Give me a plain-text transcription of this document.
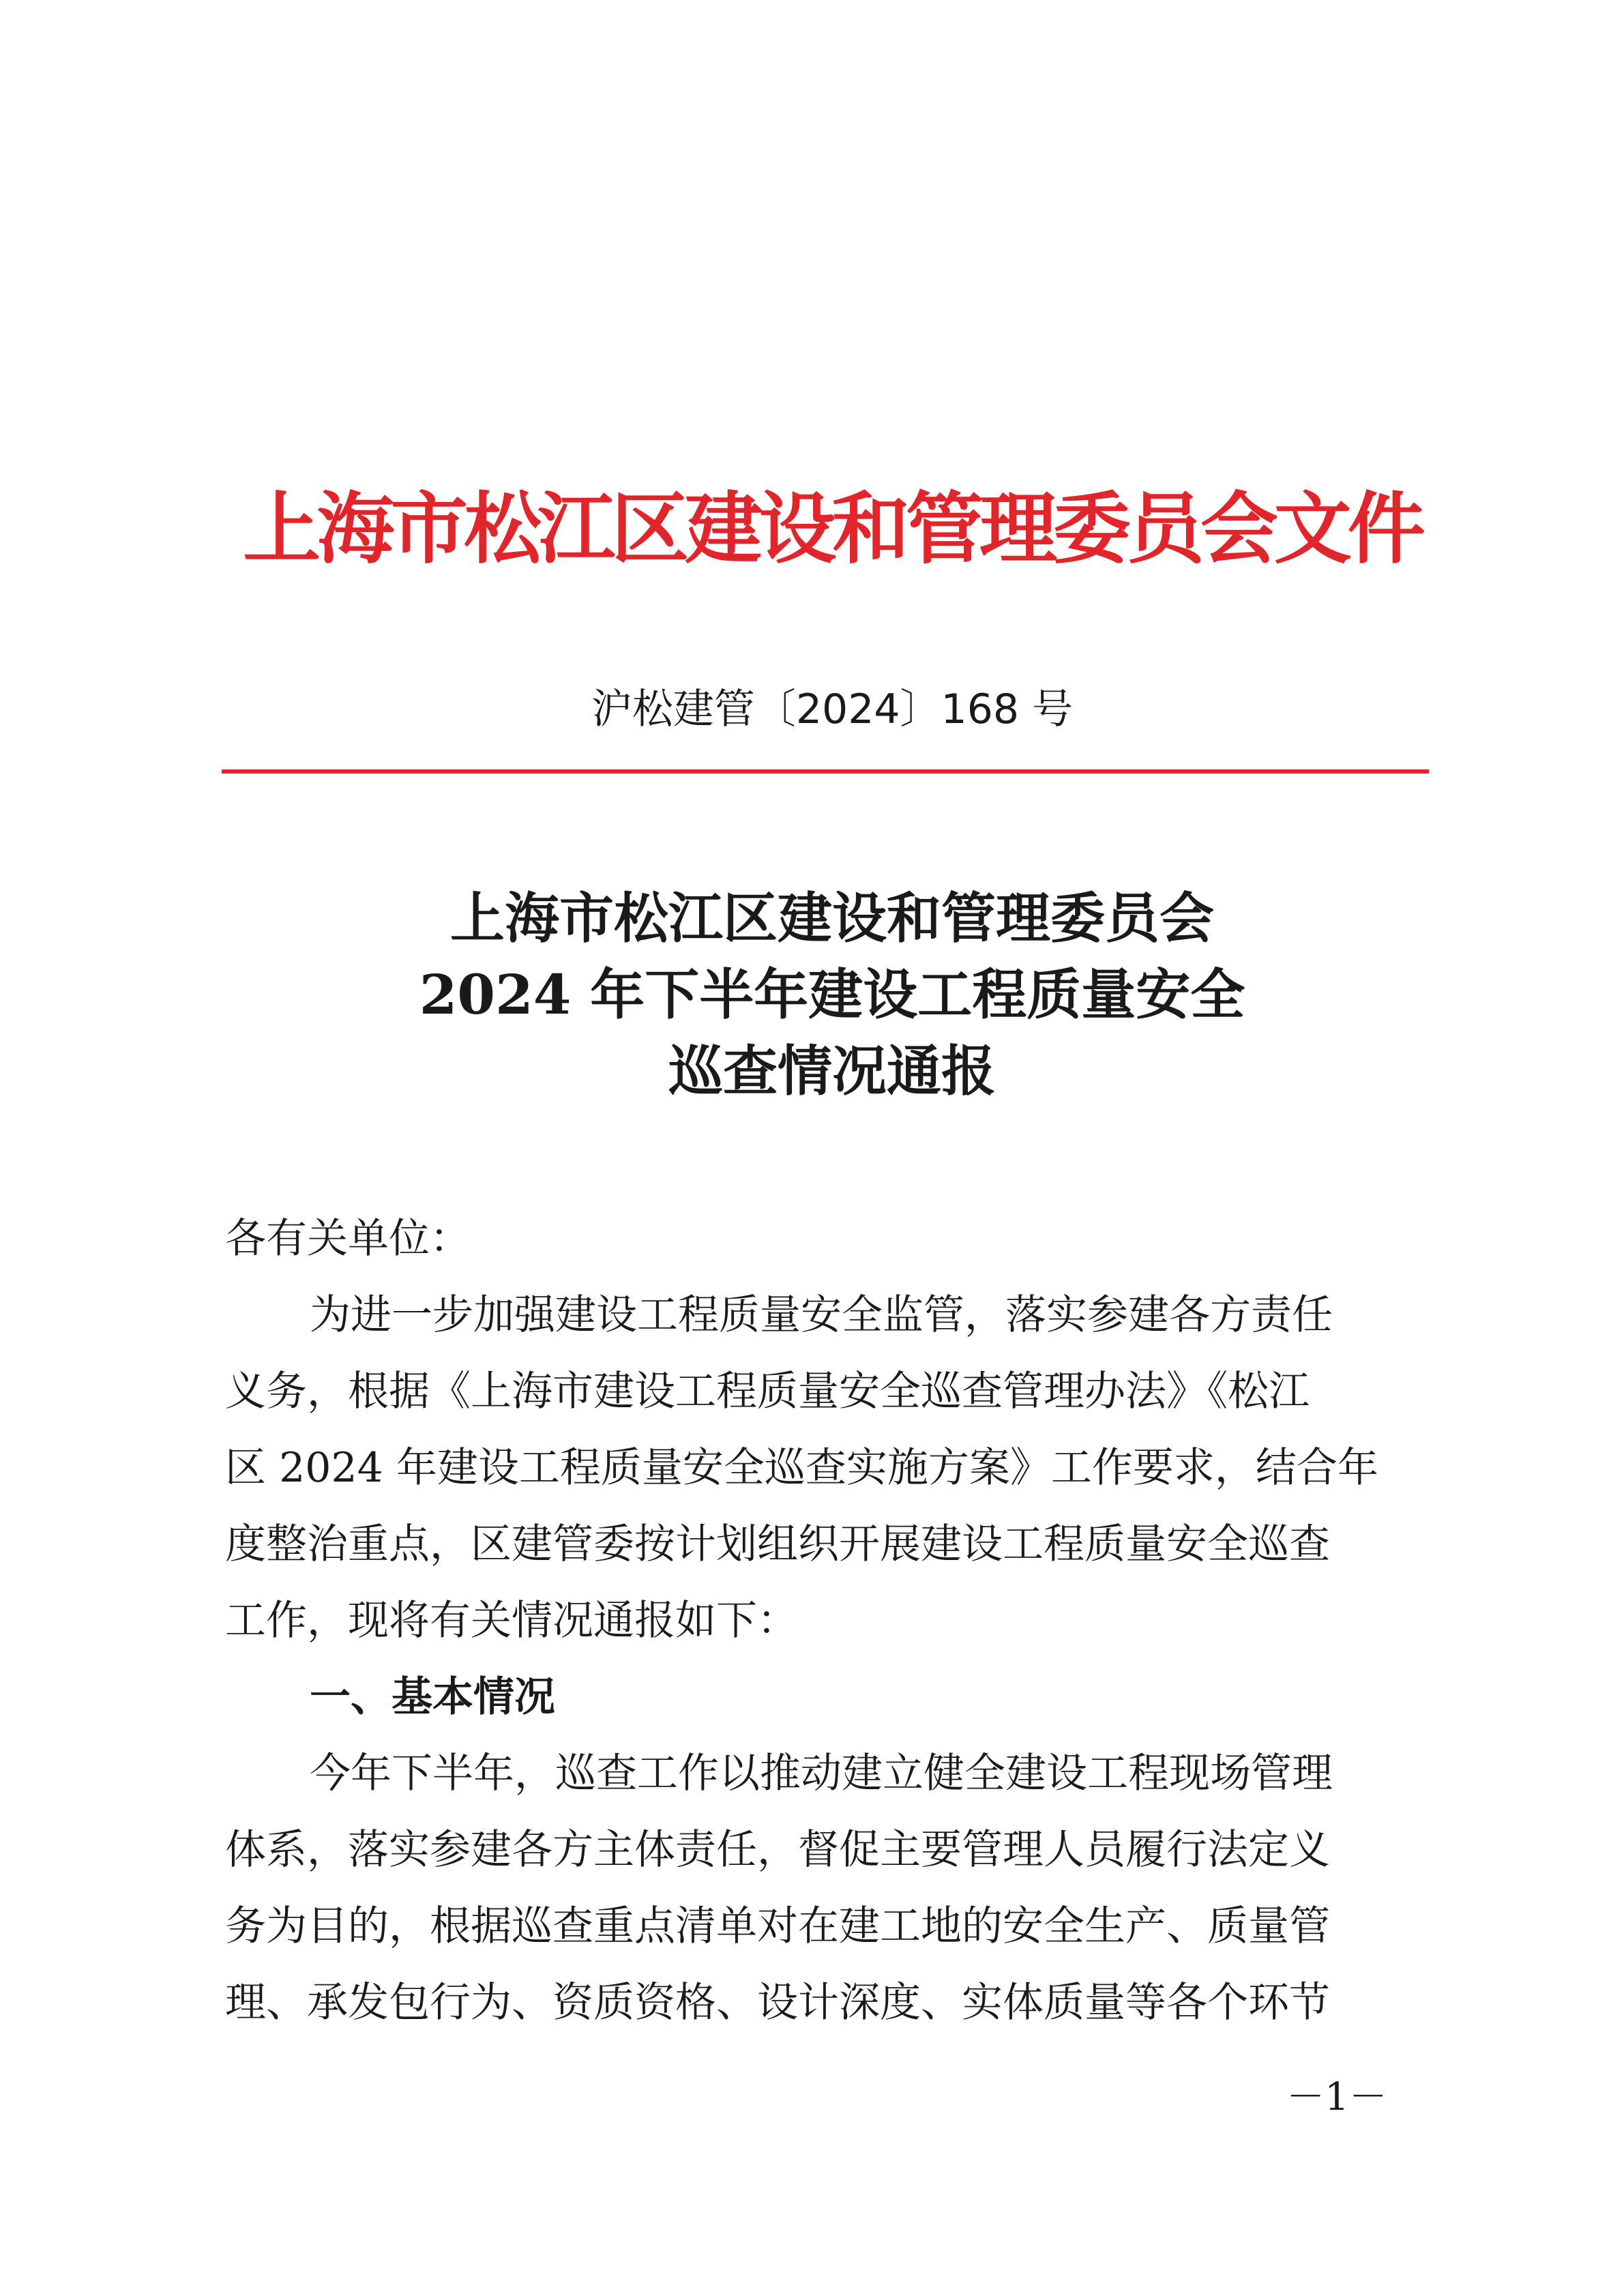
上海市松江区建设和管理委员会文件
沪松建管〔2024〕168 号
上海市松江区建设和管理委员会
2024 年下半年建设工程质量安全
巡查情况通报
各有关单位：
为进一步加强建设工程质量安全监管，落实参建各方责任
义务，根据《上海市建设工程质量安全巡查管理办法》《松江
区 2024 年建设工程质量安全巡查实施方案》工作要求，结合年
度整治重点，区建管委按计划组织开展建设工程质量安全巡查
工作，现将有关情况通报如下：
一、基本情况
今年下半年，巡查工作以推动建立健全建设工程现场管理
体系，落实参建各方主体责任，督促主要管理人员履行法定义
务为目的，根据巡查重点清单对在建工地的安全生产、质量管
理、承发包行为、资质资格、设计深度、实体质量等各个环节
－1－
